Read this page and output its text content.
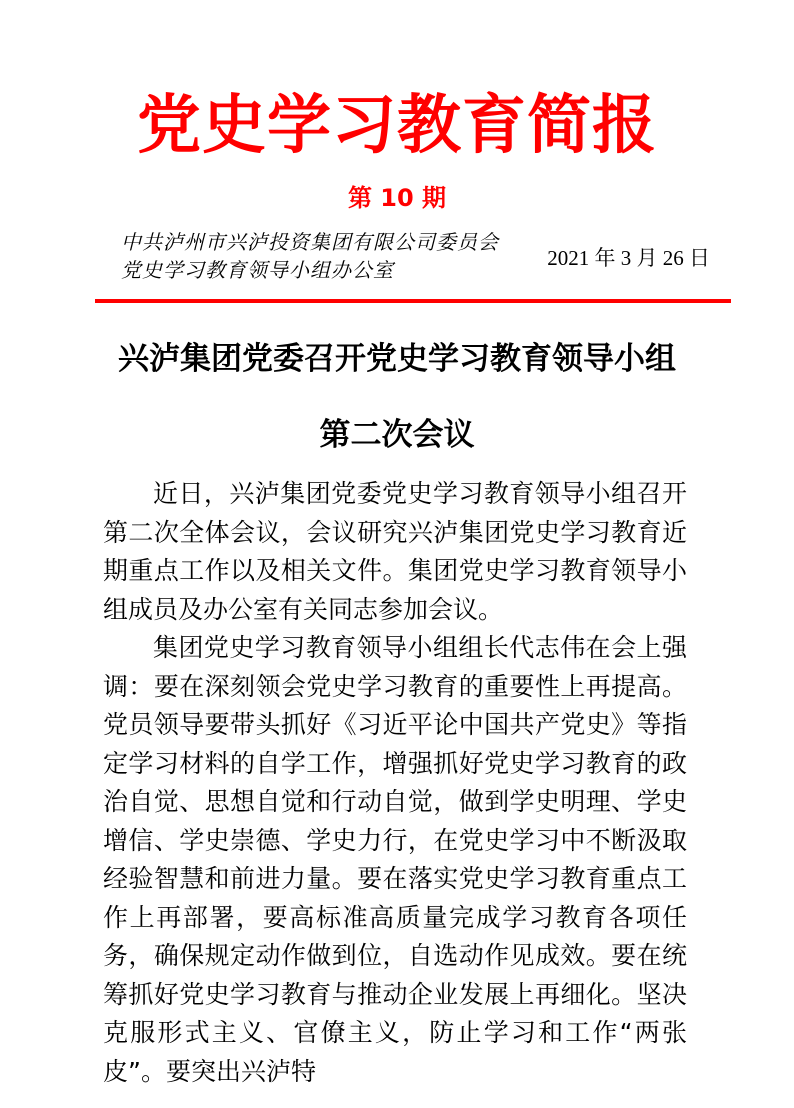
党史学习教育简报
第 10 期
中共泸州市兴泸投资集团有限公司委员会
党史学习教育领导小组办公室
2021 年 3 月 26 日
兴泸集团党委召开党史学习教育领导小组
第二次会议

近日，兴泸集团党委党史学习教育领导小组召开第二次全体会议，会议研究兴泸集团党史学习教育近期重点工作以及相关文件。集团党史学习教育领导小组成员及办公室有关同志参加会议。

集团党史学习教育领导小组组长代志伟在会上强调：要在深刻领会党史学习教育的重要性上再提高。党员领导要带头抓好《习近平论中国共产党史》等指定学习材料的自学工作，增强抓好党史学习教育的政治自觉、思想自觉和行动自觉，做到学史明理、学史增信、学史崇德、学史力行，在党史学习中不断汲取经验智慧和前进力量。要在落实党史学习教育重点工作上再部署，要高标准高质量完成学习教育各项任务，确保规定动作做到位，自选动作见成效。要在统筹抓好党史学习教育与推动企业发展上再细化。坚决克服形式主义、官僚主义，防止学习和工作“两张皮”。要突出兴泸特
